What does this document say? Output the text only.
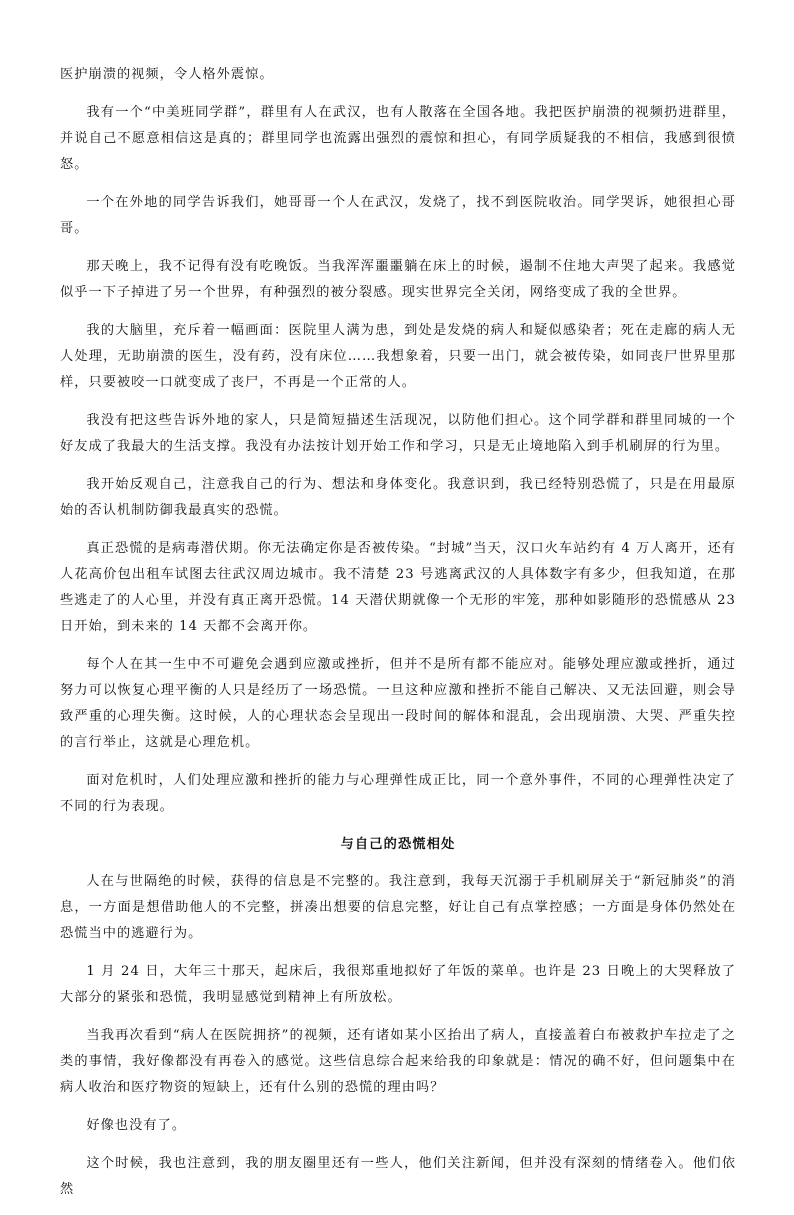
医护崩溃的视频，令人格外震惊。

我有一个“中美班同学群”，群里有人在武汉，也有人散落在全国各地。我把医护崩溃的视频扔进群里，并说自己不愿意相信这是真的；群里同学也流露出强烈的震惊和担心，有同学质疑我的不相信，我感到很愤怒。

一个在外地的同学告诉我们，她哥哥一个人在武汉，发烧了，找不到医院收治。同学哭诉，她很担心哥哥。

那天晚上，我不记得有没有吃晚饭。当我浑浑噩噩躺在床上的时候，遏制不住地大声哭了起来。我感觉似乎一下子掉进了另一个世界，有种强烈的被分裂感。现实世界完全关闭，网络变成了我的全世界。

我的大脑里，充斥着一幅画面：医院里人满为患，到处是发烧的病人和疑似感染者；死在走廊的病人无人处理，无助崩溃的医生，没有药，没有床位……我想象着，只要一出门，就会被传染，如同丧尸世界里那样，只要被咬一口就变成了丧尸，不再是一个正常的人。

我没有把这些告诉外地的家人，只是简短描述生活现况，以防他们担心。这个同学群和群里同城的一个好友成了我最大的生活支撑。我没有办法按计划开始工作和学习，只是无止境地陷入到手机刷屏的行为里。

我开始反观自己，注意我自己的行为、想法和身体变化。我意识到，我已经特别恐慌了，只是在用最原始的否认机制防御我最真实的恐慌。

真正恐慌的是病毒潜伏期。你无法确定你是否被传染。“封城”当天，汉口火车站约有 4 万人离开，还有人花高价包出租车试图去往武汉周边城市。我不清楚 23 号逃离武汉的人具体数字有多少，但我知道，在那些逃走了的人心里，并没有真正离开恐慌。14 天潜伏期就像一个无形的牢笼，那种如影随形的恐慌感从 23 日开始，到未来的 14 天都不会离开你。

每个人在其一生中不可避免会遇到应激或挫折，但并不是所有都不能应对。能够处理应激或挫折，通过努力可以恢复心理平衡的人只是经历了一场恐慌。一旦这种应激和挫折不能自己解决、又无法回避，则会导致严重的心理失衡。这时候，人的心理状态会呈现出一段时间的解体和混乱，会出现崩溃、大哭、严重失控的言行举止，这就是心理危机。

面对危机时，人们处理应激和挫折的能力与心理弹性成正比，同一个意外事件，不同的心理弹性决定了不同的行为表现。

与自己的恐慌相处

人在与世隔绝的时候，获得的信息是不完整的。我注意到，我每天沉溺于手机刷屏关于“新冠肺炎”的消息，一方面是想借助他人的不完整，拼凑出想要的信息完整，好让自己有点掌控感；一方面是身体仍然处在恐慌当中的逃避行为。

1 月 24 日，大年三十那天，起床后，我很郑重地拟好了年饭的菜单。也许是 23 日晚上的大哭释放了大部分的紧张和恐慌，我明显感觉到精神上有所放松。

当我再次看到“病人在医院拥挤”的视频，还有诸如某小区抬出了病人，直接盖着白布被救护车拉走了之类的事情，我好像都没有再卷入的感觉。这些信息综合起来给我的印象就是：情况的确不好，但问题集中在病人收治和医疗物资的短缺上，还有什么别的恐慌的理由吗？

好像也没有了。

这个时候，我也注意到，我的朋友圈里还有一些人，他们关注新闻，但并没有深刻的情绪卷入。他们依然
